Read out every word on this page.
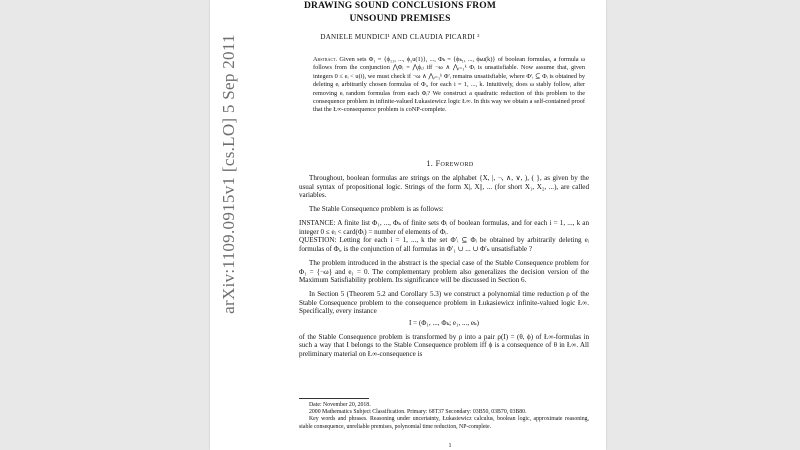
arXiv:1109.0915v1 [cs.LO] 5 Sep 2011
DRAWING SOUND CONCLUSIONS FROM UNSOUND PREMISES
DANIELE MUNDICI¹ AND CLAUDIA PICARDI ²
Abstract. Given sets Φ₁ = {ϕ₁₁, ..., ϕ₁u(1)}, ..., Φₖ = {ϕₖ₁, ..., ϕₖu(k)} of boolean formulas, a formula ω follows from the conjunction ⋀Φᵢ = ⋀ϕᵢⱼ iff ¬ω ∧ ⋀ᵢ₌₁ᵏ Φᵢ is unsatisfiable. Now assume that, given integers 0 ≤ eᵢ < u(i), we must check if ¬ω ∧ ⋀ᵢ₌₁ᵏ Φ′ᵢ remains unsatisfiable, where Φ′ᵢ ⊆ Φᵢ is obtained by deleting eᵢ arbitrarily chosen formulas of Φᵢ, for each i = 1, ..., k. Intuitively, does ω stably follow, after removing eᵢ random formulas from each Φᵢ? We construct a quadratic reduction of this problem to the consequence problem in infinite-valued Łukasiewicz logic Ł∞. In this way we obtain a self-contained proof that the Ł∞-consequence problem is coNP-complete.
1. Foreword

Throughout, boolean formulas are strings on the alphabet {X, |, ¬, ∧, ∨, ), ( }, as given by the usual syntax of propositional logic. Strings of the form X|, X||, ... (for short X₁, X₂, ...), are called variables.

The Stable Consequence problem is as follows:

INSTANCE: A finite list Φ₁, ..., Φₖ of finite sets Φᵢ of boolean formulas, and for each i = 1, ..., k an integer 0 ≤ eᵢ < card(Φᵢ) = number of elements of Φᵢ.

QUESTION: Letting for each i = 1, ..., k the set Φ′ᵢ ⊆ Φᵢ be obtained by arbitrarily deleting eᵢ formulas of Φᵢ, is the conjunction of all formulas in Φ′₁ ∪ ... ∪ Φ′ₖ unsatisfiable ?

The problem introduced in the abstract is the special case of the Stable Consequence problem for Φ₁ = {¬ω} and e₁ = 0. The complementary problem also generalizes the decision version of the Maximum Satisfiability problem. Its significance will be discussed in Section 6.

In Section 5 (Theorem 5.2 and Corollary 5.3) we construct a polynomial time reduction ρ of the Stable Consequence problem to the consequence problem in Łukasiewicz infinite-valued logic Ł∞. Specifically, every instance

I = (Φ₁, ..., Φₖ; e₁, ..., eₖ)

of the Stable Consequence problem is transformed by ρ into a pair ρ(I) = (θ, ϕ) of Ł∞-formulas in such a way that I belongs to the Stable Consequence problem iff ϕ is a consequence of θ in Ł∞. All preliminary material on Ł∞-consequence is

Date: November 20, 2018.

2000 Mathematics Subject Classification. Primary: 68T37 Secondary: 03B50, 03B70, 03B80.

Key words and phrases. Reasoning under uncertainty, Łukasiewicz calculus, boolean logic, approximate reasoning, stable consequence, unreliable premises, polynomial time reduction, NP-complete.

1
